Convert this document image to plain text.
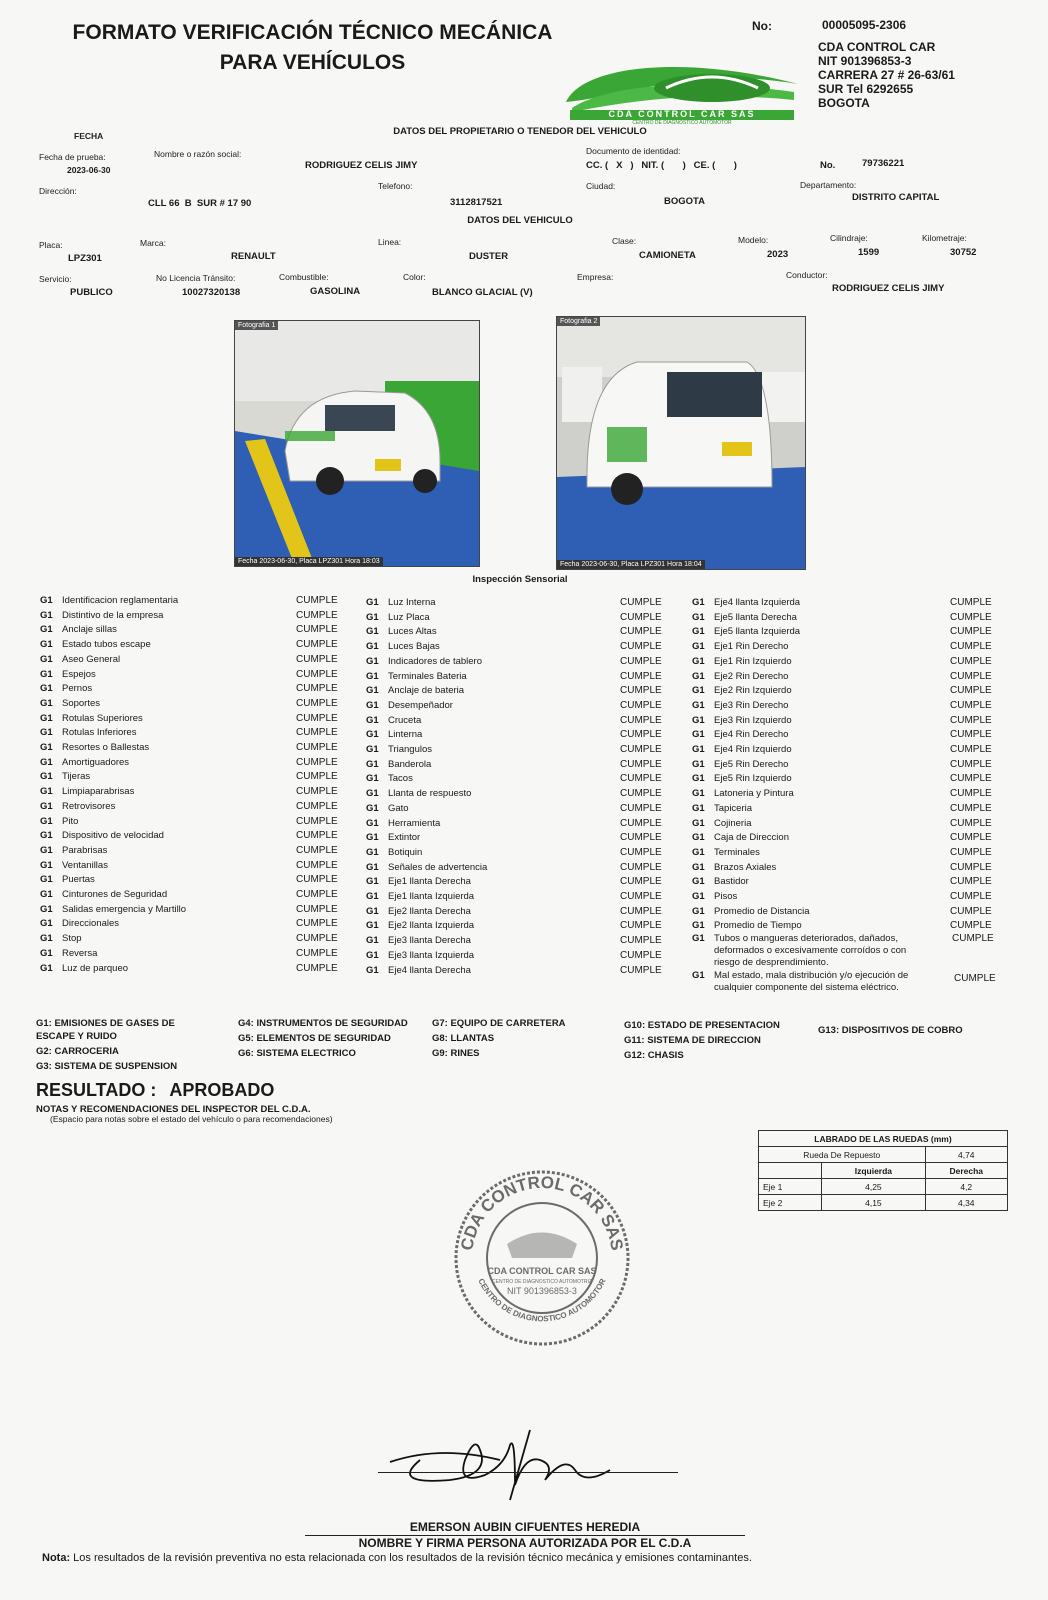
FORMATO VERIFICACIÓN TÉCNICO MECÁNICA
PARA VEHÍCULOS
No:	00005095-2306
CDA CONTROL CAR
NIT 901396853-3
CARRERA 27 # 26-63/61
SUR Tel 6292655
BOGOTA
CDA CONTROL CAR SAS
CENTRO DE DIAGNOSTICO AUTOMOTOR
DATOS DEL PROPIETARIO O TENEDOR DEL VEHICULO
FECHA
Fecha de prueba:
2023-06-30
Nombre o razón social:
RODRIGUEZ CELIS JIMY
Documento de identidad:
CC. (   X   )   NIT. (       )   CE. (       )	No.	79736221
Dirección:
CLL 66  B  SUR # 17 90
Telefono:
3112817521
Ciudad:
BOGOTA
Departamento:
DISTRITO CAPITAL
DATOS DEL VEHICULO
Placa:
LPZ301
Marca:
RENAULT
Linea:
DUSTER
Clase:
CAMIONETA
Modelo:
2023
Cilindraje:
1599
Kilometraje:
30752
Servicio:
PUBLICO
No Licencia Tránsito:
10027320138
Combustible:
GASOLINA
Color:
BLANCO GLACIAL (V)
Empresa:	Conductor:
RODRIGUEZ CELIS JIMY
Fotografia 1
Fecha 2023-06-30, Placa LPZ301 Hora 18:03
Fotografia 2
Fecha 2023-06-30, Placa LPZ301 Hora 18:04
Inspección Sensorial
G1 Identificacion reglamentaria	CUMPLE
G1 Distintivo de la empresa	CUMPLE
G1 Anclaje sillas	CUMPLE
G1 Estado tubos escape	CUMPLE
G1 Aseo General	CUMPLE
G1 Espejos	CUMPLE
G1 Pernos	CUMPLE
G1 Soportes	CUMPLE
G1 Rotulas Superiores	CUMPLE
G1 Rotulas Inferiores	CUMPLE
G1 Resortes o Ballestas	CUMPLE
G1 Amortiguadores	CUMPLE
G1 Tijeras	CUMPLE
G1 Limpiaparabrisas	CUMPLE
G1 Retrovisores	CUMPLE
G1 Pito	CUMPLE
G1 Dispositivo de velocidad	CUMPLE
G1 Parabrisas	CUMPLE
G1 Ventanillas	CUMPLE
G1 Puertas	CUMPLE
G1 Cinturones de Seguridad	CUMPLE
G1 Salidas emergencia y Martillo	CUMPLE
G1 Direccionales	CUMPLE
G1 Stop	CUMPLE
G1 Reversa	CUMPLE
G1 Luz de parqueo	CUMPLE
G1 Luz Interna	CUMPLE
G1 Luz Placa	CUMPLE
G1 Luces Altas	CUMPLE
G1 Luces Bajas	CUMPLE
G1 Indicadores de tablero	CUMPLE
G1 Terminales Bateria	CUMPLE
G1 Anclaje de bateria	CUMPLE
G1 Desempeñador	CUMPLE
G1 Cruceta	CUMPLE
G1 Linterna	CUMPLE
G1 Triangulos	CUMPLE
G1 Banderola	CUMPLE
G1 Tacos	CUMPLE
G1 Llanta de respuesto	CUMPLE
G1 Gato	CUMPLE
G1 Herramienta	CUMPLE
G1 Extintor	CUMPLE
G1 Botiquin	CUMPLE
G1 Señales de advertencia	CUMPLE
G1 Eje1 llanta Derecha	CUMPLE
G1 Eje1 llanta Izquierda	CUMPLE
G1 Eje2 llanta Derecha	CUMPLE
G1 Eje2 llanta Izquierda	CUMPLE
G1 Eje3 llanta Derecha	CUMPLE
G1 Eje3 llanta Izquierda	CUMPLE
G1 Eje4 llanta Derecha	CUMPLE
G1 Eje4 llanta Izquierda	CUMPLE
G1 Eje5 llanta Derecha	CUMPLE
G1 Eje5 llanta Izquierda	CUMPLE
G1 Eje1 Rin Derecho	CUMPLE
G1 Eje1 Rin Izquierdo	CUMPLE
G1 Eje2 Rin Derecho	CUMPLE
G1 Eje2 Rin Izquierdo	CUMPLE
G1 Eje3 Rin Derecho	CUMPLE
G1 Eje3 Rin Izquierdo	CUMPLE
G1 Eje4 Rin Derecho	CUMPLE
G1 Eje4 Rin Izquierdo	CUMPLE
G1 Eje5 Rin Derecho	CUMPLE
G1 Eje5 Rin Izquierdo	CUMPLE
G1 Latoneria y Pintura	CUMPLE
G1 Tapiceria	CUMPLE
G1 Cojineria	CUMPLE
G1 Caja de Direccion	CUMPLE
G1 Terminales	CUMPLE
G1 Brazos Axiales	CUMPLE
G1 Bastidor	CUMPLE
G1 Pisos	CUMPLE
G1 Promedio de Distancia	CUMPLE
G1 Promedio de Tiempo	CUMPLE
G1 Tubos o mangueras deteriorados, dañados,
deformados o excesivamente corroídos o con
riesgo de desprendimiento.
CUMPLE
G1 Mal estado, mala distribución y/o ejecución de
cualquier componente del sistema eléctrico.
CUMPLE
G1: EMISIONES DE GASES DE
ESCAPE Y RUIDO
G2: CARROCERIA
G3: SISTEMA DE SUSPENSION
G4: INSTRUMENTOS DE SEGURIDAD
G5: ELEMENTOS DE SEGURIDAD
G6: SISTEMA ELECTRICO
G7: EQUIPO DE CARRETERA
G8: LLANTAS
G9: RINES
G10: ESTADO DE PRESENTACION
G11: SISTEMA DE DIRECCION
G12: CHASIS
G13: DISPOSITIVOS DE COBRO
RESULTADO : APROBADO
NOTAS Y RECOMENDACIONES DEL INSPECTOR DEL C.D.A.
(Espacio para notas sobre el estado del vehículo o para recomendaciones)
LABRADO DE LAS RUEDAS (mm)		
Rueda De Repuesto		4,74
	Izquierda	Derecha
Eje 1	4,25	4,2
Eje 2	4,15	4,34
CDA CONTROL CAR SAS
CENTRO DE DIAGNOSTICO AUTOMOTOR
CDA CONTROL CAR SAS
CENTRO DE DIAGNOSTICO AUTOMOTRIZ
NIT 901396853-3
EMERSON AUBIN CIFUENTES HEREDIA
NOMBRE Y FIRMA PERSONA AUTORIZADA POR EL C.D.A
Nota: Los resultados de la revisión preventiva no esta relacionada con los resultados de la revisión técnico mecánica y emisiones contaminantes.
